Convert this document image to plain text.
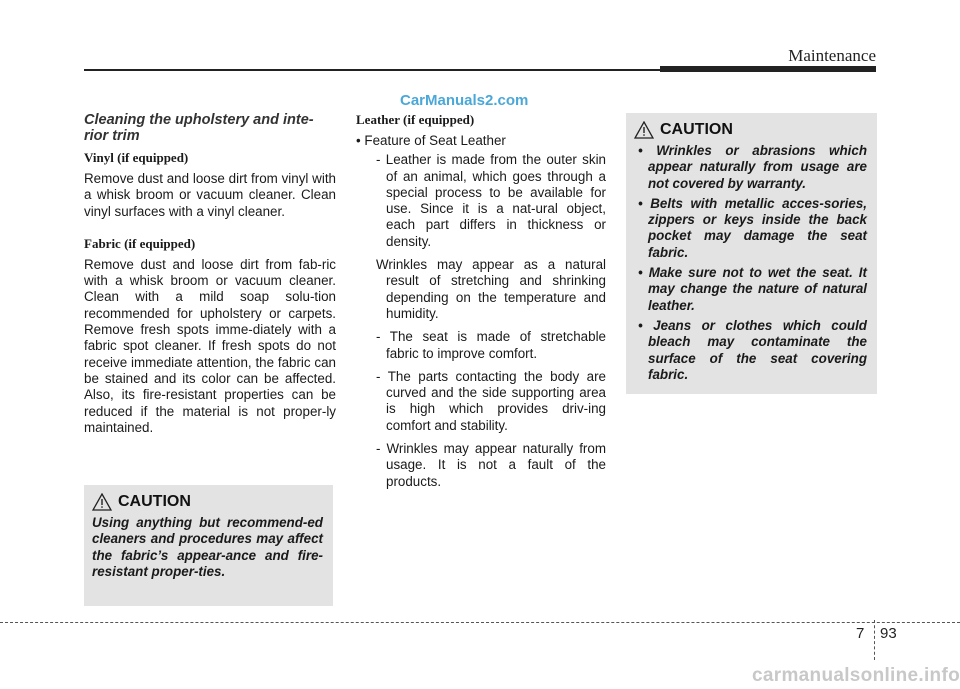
Maintenance
CarManuals2.com
Cleaning the upholstery and inte-rior trim
Vinyl (if equipped)

Remove dust and loose dirt from vinyl with a whisk broom or vacuum cleaner. Clean vinyl surfaces with a vinyl cleaner.

Fabric (if equipped)

Remove dust and loose dirt from fab-ric with a whisk broom or vacuum cleaner. Clean with a mild soap solu-tion recommended for upholstery or carpets. Remove fresh spots imme-diately with a fabric spot cleaner. If fresh spots do not receive immediate attention, the fabric can be stained and its color can be affected. Also, its fire-resistant properties can be reduced if the material is not proper-ly maintained.

CAUTION

Using anything but recommend-ed cleaners and procedures may affect the fabric’s appear-ance and fire-resistant proper-ties.

Leather (if equipped)
• Feature of Seat Leather
- Leather is made from the outer skin of an animal, which goes through a special process to be available for use. Since it is a nat-ural object, each part differs in thickness or density.
Wrinkles may appear as a natural result of stretching and shrinking depending on the temperature and humidity.
- The seat is made of stretchable fabric to improve comfort.
- The parts contacting the body are curved and the side supporting area is high which provides driv-ing comfort and stability.
- Wrinkles may appear naturally from usage. It is not a fault of the products.
CAUTION
• Wrinkles or abrasions which appear naturally from usage are not covered by warranty.
• Belts with metallic acces-sories, zippers or keys inside the back pocket may damage the seat fabric.
• Make sure not to wet the seat. It may change the nature of natural leather.
• Jeans or clothes which could bleach may contaminate the surface of the seat covering fabric.
7 93
carmanualsonline.info
